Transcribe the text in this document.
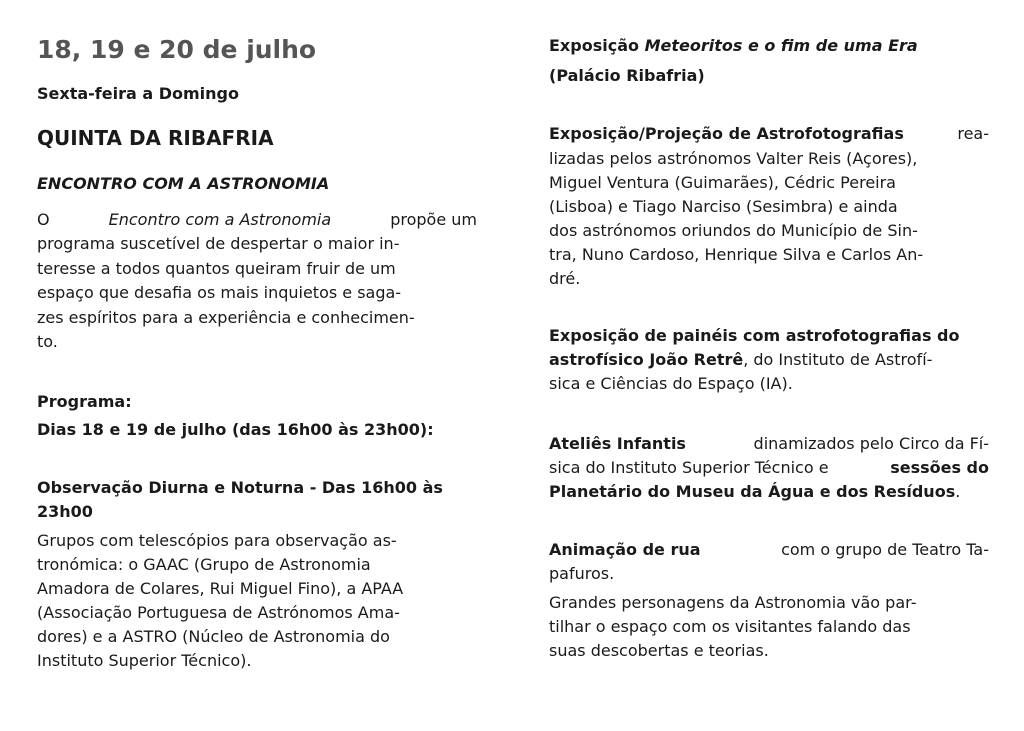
18, 19 e 20 de julho
Sexta-feira a Domingo
QUINTA DA RIBAFRIA
ENCONTRO COM A ASTRONOMIA
O	Encontro com a Astronomia	propõe um
programa suscetível de despertar o maior in-
teresse a todos quantos queiram fruir de um
espaço que desafia os mais inquietos e saga-
zes espíritos para a experiência e conhecimen-
to.
Programa:
Dias 18 e 19 de julho (das 16h00 às 23h00):
Observação Diurna e Noturna - Das 16h00 às
23h00
Grupos com telescópios para observação as-
tronómica: o GAAC (Grupo de Astronomia
Amadora de Colares, Rui Miguel Fino), a APAA
(Associação Portuguesa de Astrónomos Ama-
dores) e a ASTRO (Núcleo de Astronomia do
Instituto Superior Técnico).
Exposição Meteoritos e o fim de uma Era
(Palácio Ribafria)
Exposição/Projeção de Astrofotografias	rea-
lizadas pelos astrónomos Valter Reis (Açores),
Miguel Ventura (Guimarães), Cédric Pereira
(Lisboa) e Tiago Narciso (Sesimbra) e ainda
dos astrónomos oriundos do Município de Sin-
tra, Nuno Cardoso, Henrique Silva e Carlos An-
dré.
Exposição de painéis com astrofotografias do
astrofísico João Retrê, do Instituto de Astrofí-
sica e Ciências do Espaço (IA).
Ateliês Infantis	dinamizados pelo Circo da Fí-
sica do Instituto Superior Técnico e	sessões do
Planetário do Museu da Água e dos Resíduos.
Animação de rua	com o grupo de Teatro Ta-
pafuros.
Grandes personagens da Astronomia vão par-
tilhar o espaço com os visitantes falando das
suas descobertas e teorias.
